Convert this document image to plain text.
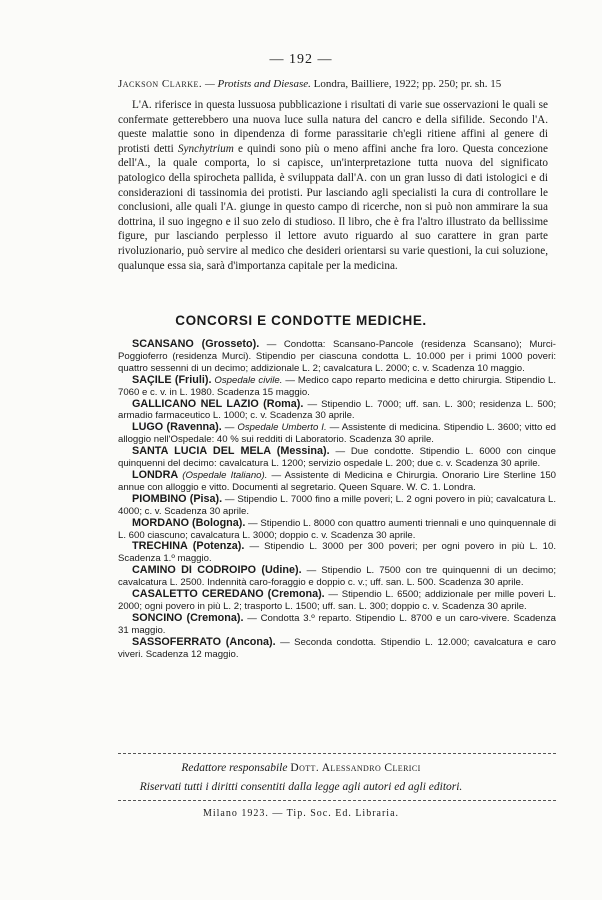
— 192 —
Jackson Clarke. — Protists and Diesase. Londra, Bailliere, 1922; pp. 250; pr. sh. 15

L'A. riferisce in questa lussuosa pubblicazione i risultati di varie sue osservazioni le quali se confermate getterebbero una nuova luce sulla natura del cancro e della sifilide. Secondo l'A. queste malattie sono in dipendenza di forme parassitarie ch'egli ritiene affini al genere di protisti detti Synchytrium e quindi sono più o meno affini anche fra loro. Questa concezione dell'A., la quale comporta, lo si capisce, un'interpretazione tutta nuova del significato patologico della spirocheta pallida, è sviluppata dall'A. con un gran lusso di dati istologici e di considerazioni di tassinomia dei protisti. Pur lasciando agli specialisti la cura di controllare le conclusioni, alle quali l'A. giunge in questo campo di ricerche, non si può non ammirare la sua dottrina, il suo ingegno e il suo zelo di studioso. Il libro, che è fra l'altro illustrato da bellissime figure, pur lasciando perplesso il lettore avuto riguardo al suo carattere in gran parte rivoluzionario, può servire al medico che desideri orientarsi su varie questioni, la cui soluzione, qualunque essa sia, sarà d'importanza capitale per la medicina.

CONCORSI E CONDOTTE MEDICHE.

SCANSANO (Grosseto). — Condotta: Scansano-Pancole (residenza Scansano); Murci-Poggioferro (residenza Murci). Stipendio per ciascuna condotta L. 10.000 per i primi 1000 poveri: quattro sessenni di un decimo; addizionale L. 2; cavalcatura L. 2000; c. v. Scadenza 10 maggio.

SAÇILE (Friuli). Ospedale civile. — Medico capo reparto medicina e detto chirurgia. Stipendio L. 7060 e c. v. in L. 1980. Scadenza 15 maggio.

GALLICANO NEL LAZIO (Roma). — Stipendio L. 7000; uff. san. L. 300; residenza L. 500; armadio farmaceutico L. 1000; c. v. Scadenza 30 aprile.

LUGO (Ravenna). — Ospedale Umberto I. — Assistente di medicina. Stipendio L. 3600; vitto ed alloggio nell'Ospedale: 40 % sui redditi di Laboratorio. Scadenza 30 aprile.

SANTA LUCIA DEL MELA (Messina). — Due condotte. Stipendio L. 6000 con cinque quinquenni del decimo: cavalcatura L. 1200; servizio ospedale L. 200; due c. v. Scadenza 30 aprile.

LONDRA (Ospedale Italiano). — Assistente di Medicina e Chirurgia. Onorario Lire Sterline 150 annue con alloggio e vitto. Documenti al segretario. Queen Square. W. C. 1. Londra.

PIOMBINO (Pisa). — Stipendio L. 7000 fino a mille poveri; L. 2 ogni povero in più; cavalcatura L. 4000; c. v. Scadenza 30 aprile.

MORDANO (Bologna). — Stipendio L. 8000 con quattro aumenti triennali e uno quinquennale di L. 600 ciascuno; cavalcatura L. 3000; doppio c. v. Scadenza 30 aprile.

TRECHINA (Potenza). — Stipendio L. 3000 per 300 poveri; per ogni povero in più L. 10. Scadenza 1.º maggio.

CAMINO DI CODROIPO (Udine). — Stipendio L. 7500 con tre quinquenni di un decimo; cavalcatura L. 2500. Indennità caro-foraggio e doppio c. v.; uff. san. L. 500. Scadenza 30 aprile.

CASALETTO CEREDANO (Cremona). — Stipendio L. 6500; addizionale per mille poveri L. 2000; ogni povero in più L. 2; trasporto L. 1500; uff. san. L. 300; doppio c. v. Scadenza 30 aprile.

SONCINO (Cremona). — Condotta 3.º reparto. Stipendio L. 8700 e un caro-vivere. Scadenza 31 maggio.

SASSOFERRATO (Ancona). — Seconda condotta. Stipendio L. 12.000; cavalcatura e caro viveri. Scadenza 12 maggio.

Redattore responsabile Dott. Alessandro Clerici
Riservati tutti i diritti consentiti dalla legge agli autori ed agli editori.
Milano 1923. — Tip. Soc. Ed. Libraria.
